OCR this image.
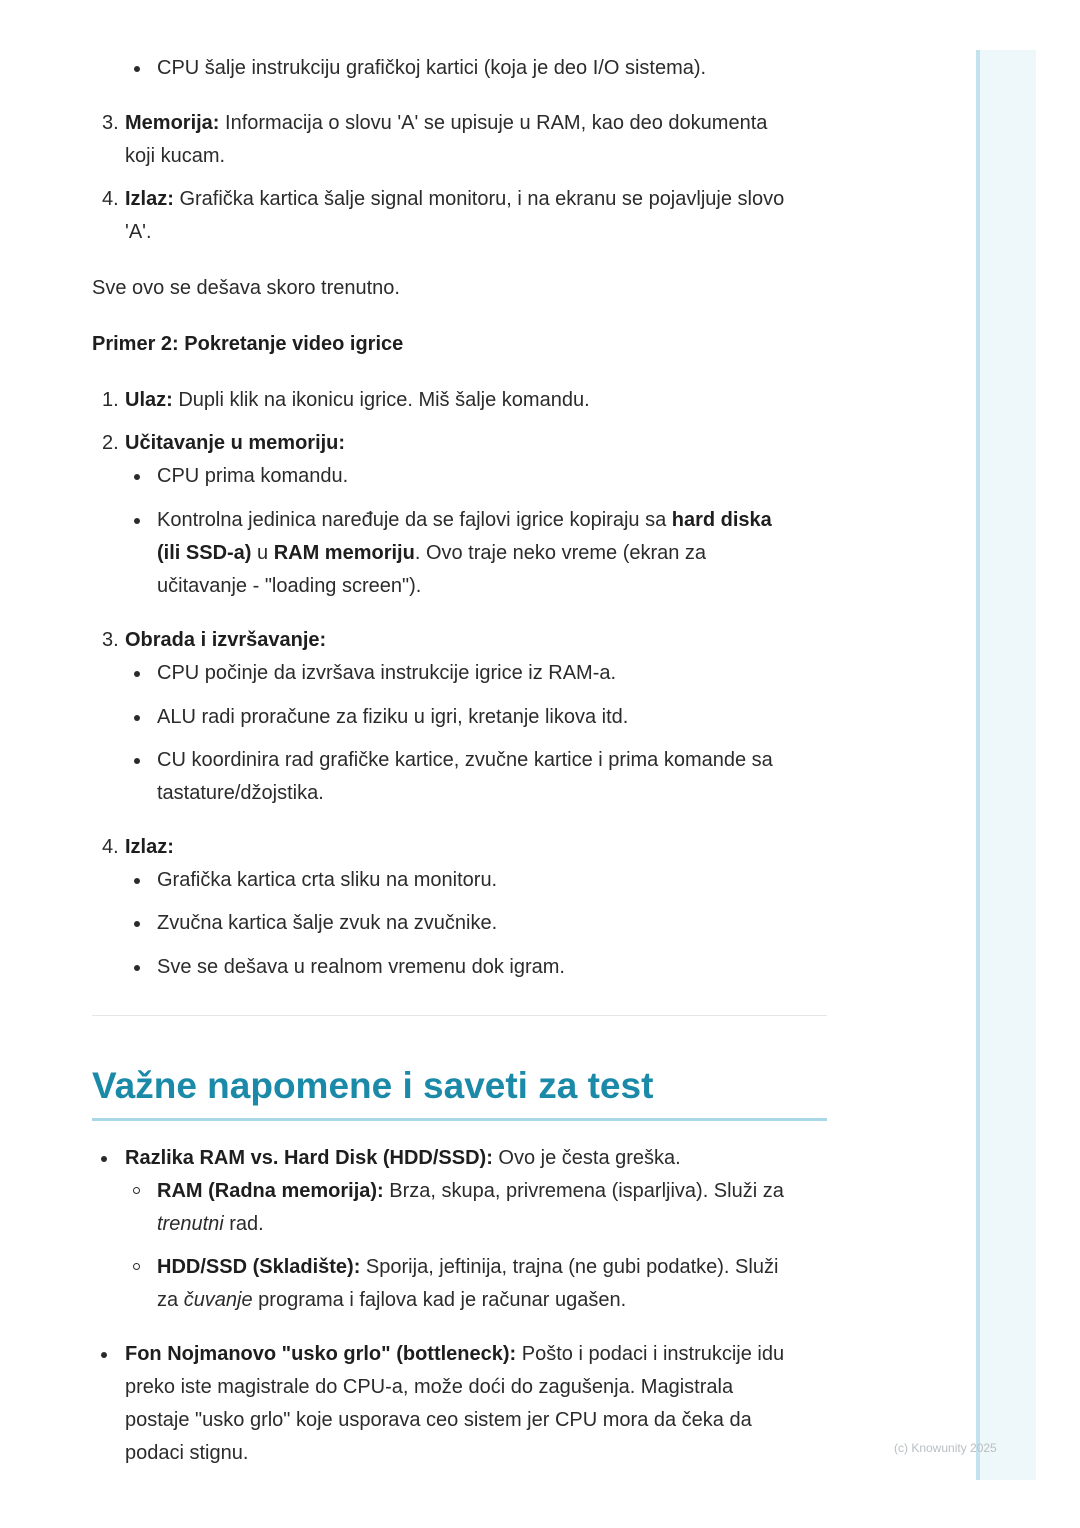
(c) Knowunity 2025
CPU šalje instrukciju grafičkoj kartici (koja je deo I/O sistema).
3. Memorija: Informacija o slovu 'A' se upisuje u RAM, kao deo dokumenta
koji kucam.
4. Izlaz: Grafička kartica šalje signal monitoru, i na ekranu se pojavljuje slovo
'A'.
Sve ovo se dešava skoro trenutno.
Primer 2: Pokretanje video igrice
1. Ulaz: Dupli klik na ikonicu igrice. Miš šalje komandu.
2. Učitavanje u memoriju:
CPU prima komandu.
Kontrolna jedinica naređuje da se fajlovi igrice kopiraju sa hard diska
(ili SSD-a) u RAM memoriju. Ovo traje neko vreme (ekran za
učitavanje - "loading screen").
3. Obrada i izvršavanje:
CPU počinje da izvršava instrukcije igrice iz RAM-a.
ALU radi proračune za fiziku u igri, kretanje likova itd.
CU koordinira rad grafičke kartice, zvučne kartice i prima komande sa
tastature/džojstika.
4. Izlaz:
Grafička kartica crta sliku na monitoru.
Zvučna kartica šalje zvuk na zvučnike.
Sve se dešava u realnom vremenu dok igram.
Važne napomene i saveti za test
Razlika RAM vs. Hard Disk (HDD/SSD): Ovo je česta greška.
RAM (Radna memorija): Brza, skupa, privremena (isparljiva). Služi za
trenutni rad.
HDD/SSD (Skladište): Sporija, jeftinija, trajna (ne gubi podatke). Služi
za čuvanje programa i fajlova kad je računar ugašen.
Fon Nojmanovo "usko grlo" (bottleneck): Pošto i podaci i instrukcije idu
preko iste magistrale do CPU-a, može doći do zagušenja. Magistrala
postaje "usko grlo" koje usporava ceo sistem jer CPU mora da čeka da
podaci stignu.
